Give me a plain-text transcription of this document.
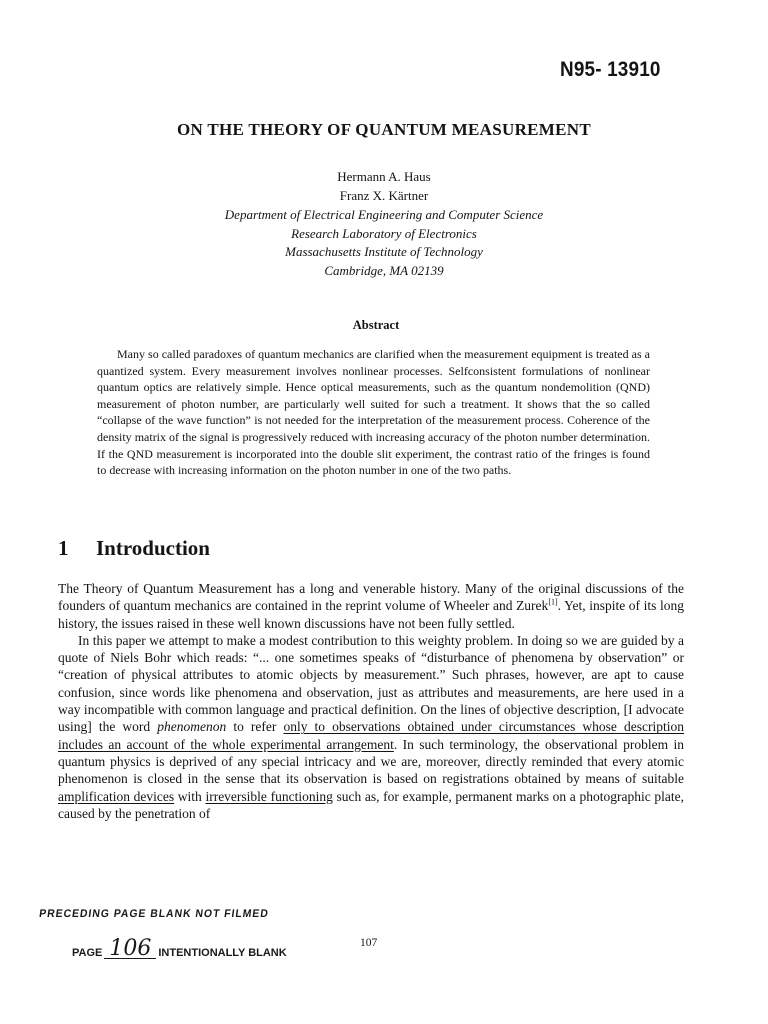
N95- 13910
ON THE THEORY OF QUANTUM MEASUREMENT
Hermann A. Haus
Franz X. Kärtner
Department of Electrical Engineering and Computer Science
Research Laboratory of Electronics
Massachusetts Institute of Technology
Cambridge, MA 02139
Abstract
Many so called paradoxes of quantum mechanics are clarified when the measurement equipment is treated as a quantized system. Every measurement involves nonlinear processes. Selfconsistent formulations of nonlinear quantum optics are relatively simple. Hence optical measurements, such as the quantum nondemolition (QND) measurement of photon number, are particularly well suited for such a treatment. It shows that the so called “collapse of the wave function” is not needed for the interpretation of the measurement process. Coherence of the density matrix of the signal is progressively reduced with increasing accuracy of the photon number determination. If the QND measurement is incorporated into the double slit experiment, the contrast ratio of the fringes is found to decrease with increasing information on the photon number in one of the two paths.
1 Introduction

The Theory of Quantum Measurement has a long and venerable history. Many of the original discussions of the founders of quantum mechanics are contained in the reprint volume of Wheeler and Zurek[1]. Yet, inspite of its long history, the issues raised in these well known discussions have not been fully settled.

In this paper we attempt to make a modest contribution to this weighty problem. In doing so we are guided by a quote of Niels Bohr which reads: “... one sometimes speaks of “disturbance of phenomena by observation” or “creation of physical attributes to atomic objects by measurement.” Such phrases, however, are apt to cause confusion, since words like phenomena and observation, just as attributes and measurements, are here used in a way incompatible with common language and practical definition. On the lines of objective description, [I advocate using] the word phenomenon to refer only to observations obtained under circumstances whose description includes an account of the whole experimental arrangement. In such terminology, the observational problem in quantum physics is deprived of any special intricacy and we are, moreover, directly reminded that every atomic phenomenon is closed in the sense that its observation is based on registrations obtained by means of suitable amplification devices with irreversible functioning such as, for example, permanent marks on a photographic plate, caused by the penetration of

PRECEDING PAGE BLANK NOT FILMED
107
PAGE 106 INTENTIONALLY BLANK
